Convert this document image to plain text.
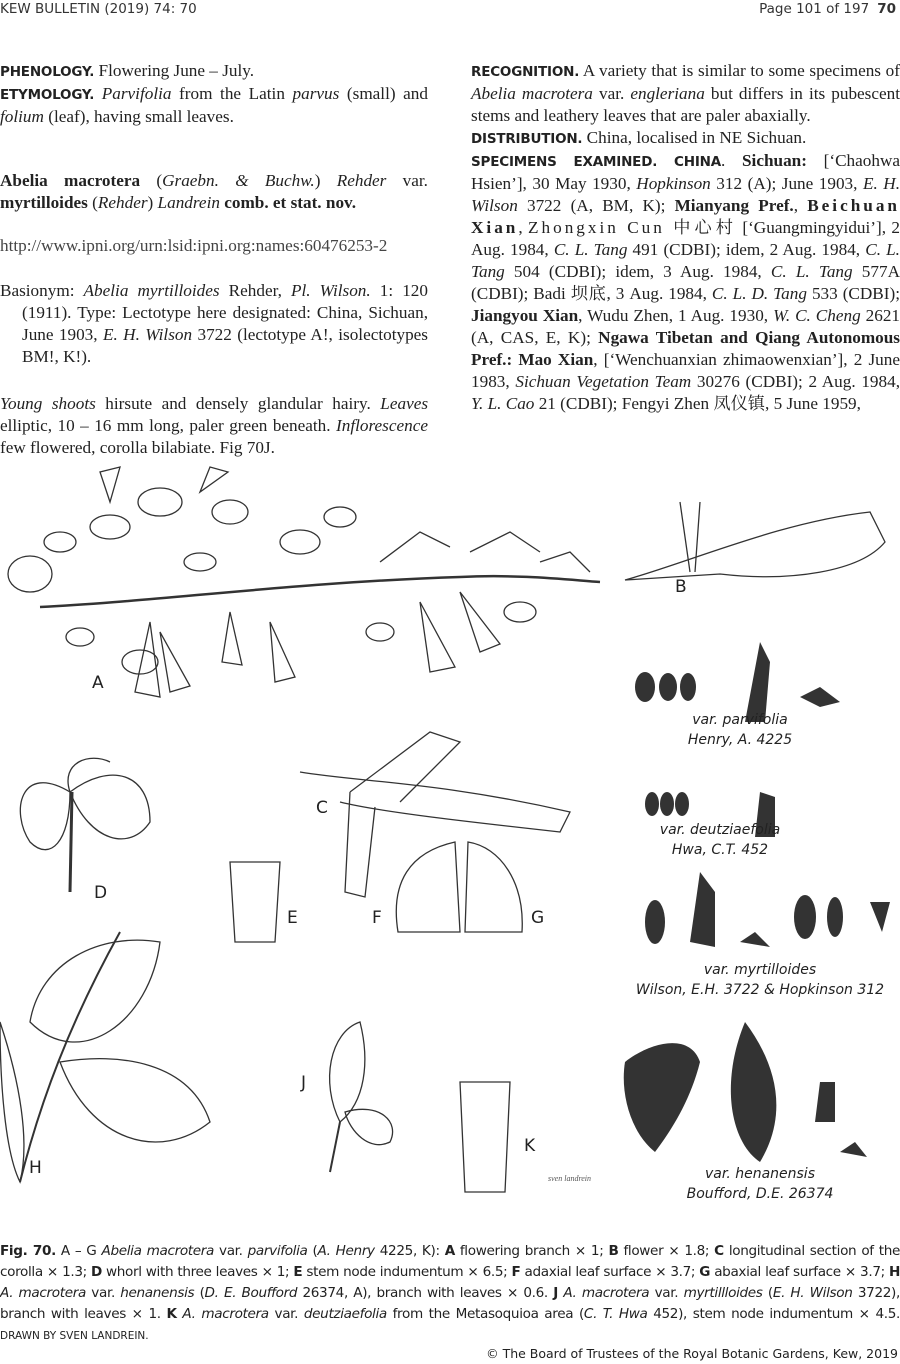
KEW BULLETIN (2019) 74: 70	Page 101 of 197 70

PHENOLOGY. Flowering June – July.

ETYMOLOGY. Parvifolia from the Latin parvus (small) and folium (leaf), having small leaves.

Abelia macrotera (Graebn. & Buchw.) Rehder var. myrtilloides (Rehder) Landrein comb. et stat. nov.

http://www.ipni.org/urn:lsid:ipni.org:names:60476253-2

Basionym: Abelia myrtilloides Rehder, Pl. Wilson. 1: 120 (1911). Type: Lectotype here designated: China, Sichuan, June 1903, E. H. Wilson 3722 (lectotype A!, isolectotypes BM!, K!).

Young shoots hirsute and densely glandular hairy. Leaves elliptic, 10 – 16 mm long, paler green beneath. Inflorescence few flowered, corolla bilabiate. Fig 70J.

RECOGNITION. A variety that is similar to some specimens of Abelia macrotera var. engleriana but differs in its pubescent stems and leathery leaves that are paler abaxially.

DISTRIBUTION. China, localised in NE Sichuan.

SPECIMENS EXAMINED. CHINA. Sichuan: [‘Chaohwa Hsien’], 30 May 1930, Hopkinson 312 (A); June 1903, E. H. Wilson 3722 (A, BM, K); Mianyang Pref., Beichuan Xian, Zhongxin Cun 中心村 [‘Guangmingyidui’], 2 Aug. 1984, C. L. Tang 491 (CDBI); idem, 2 Aug. 1984, C. L. Tang 504 (CDBI); idem, 3 Aug. 1984, C. L. Tang 577A (CDBI); Badi 坝底, 3 Aug. 1984, C. L. D. Tang 533 (CDBI); Jiangyou Xian, Wudu Zhen, 1 Aug. 1930, W. C. Cheng 2621 (A, CAS, E, K); Ngawa Tibetan and Qiang Autonomous Pref.: Mao Xian, [‘Wenchuanxian zhimaowenxian’], 2 June 1983, Sichuan Vegetation Team 30276 (CDBI); 2 Aug. 1984, Y. L. Cao 21 (CDBI); Fengyi Zhen 凤仪镇, 5 June 1959,

A
B
C
D
E	F	G
H
J
K
sven landrein
var. parvifolia
Henry, A. 4225
var. deutziaefolia
Hwa, C.T. 452
var. myrtilloides
Wilson, E.H. 3722 & Hopkinson 312
var. henanensis
Boufford, D.E. 26374
Fig. 70. A – G Abelia macrotera var. parvifolia (A. Henry 4225, K): A flowering branch × 1; B flower × 1.8; C longitudinal section of the corolla × 1.3; D whorl with three leaves × 1; E stem node indumentum × 6.5; F adaxial leaf surface × 3.7; G abaxial leaf surface × 3.7; H A. macrotera var. henanensis (D. E. Boufford 26374, A), branch with leaves × 0.6. J A. macrotera var. myrtillloides (E. H. Wilson 3722), branch with leaves × 1. K A. macrotera var. deutziaefolia from the Metasoquioa area (C. T. Hwa 452), stem node indumentum × 4.5. DRAWN BY SVEN LANDREIN.
© The Board of Trustees of the Royal Botanic Gardens, Kew, 2019
